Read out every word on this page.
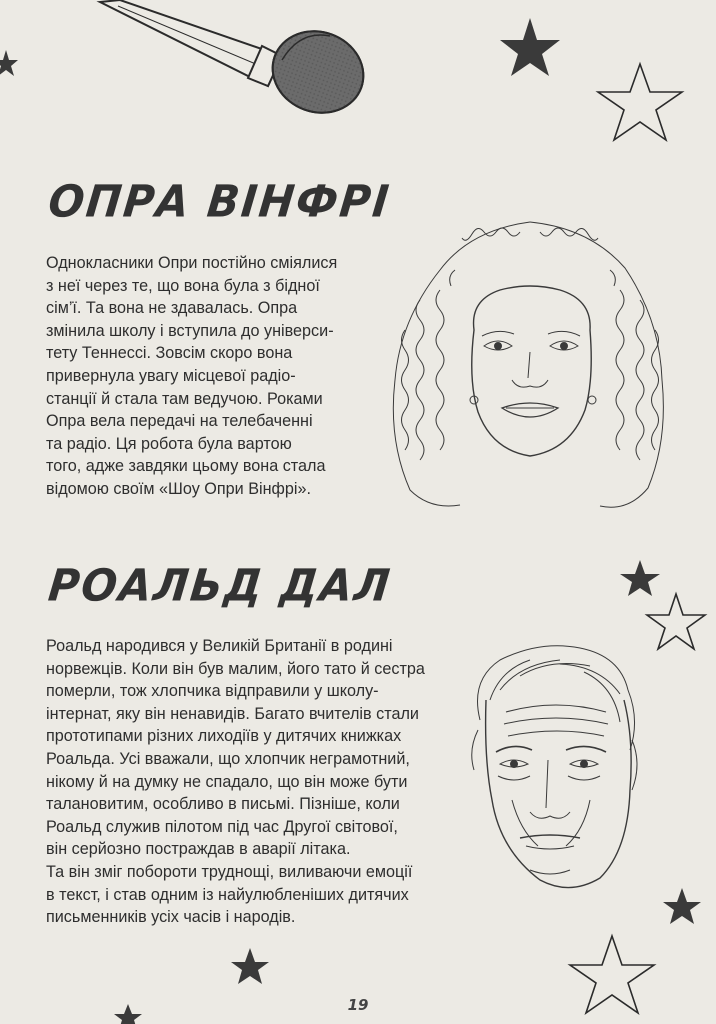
ОПРА ВІНФРІ
Однокласники Опри постійно сміялися
з неї через те, що вона була з бідної
сім’ї. Та вона не здавалась. Опра
змінила школу і вступила до універси-
тету Теннессі. Зовсім скоро вона
привернула увагу місцевої радіо-
станції й стала там ведучою. Роками
Опра вела передачі на телебаченні
та радіо. Ця робота була вартою
того, адже завдяки цьому вона стала
відомою своїм «Шоу Опри Вінфрі».
РОАЛЬД ДАЛ
Роальд народився у Великій Британії в родині
норвежців. Коли він був малим, його тато й сестра
померли, тож хлопчика відправили у школу-
інтернат, яку він ненавидів. Багато вчителів стали
прототипами різних лиходіїв у дитячих книжках
Роальда. Усі вважали, що хлопчик неграмотний,
нікому й на думку не спадало, що він може бути
талановитим, особливо в письмі. Пізніше, коли
Роальд служив пілотом під час Другої світової,
він серйозно постраждав в аварії літака.
Та він зміг побороти труднощі, виливаючи емоції
в текст, і став одним із найулюбленіших дитячих
письменників усіх часів і народів.
19
